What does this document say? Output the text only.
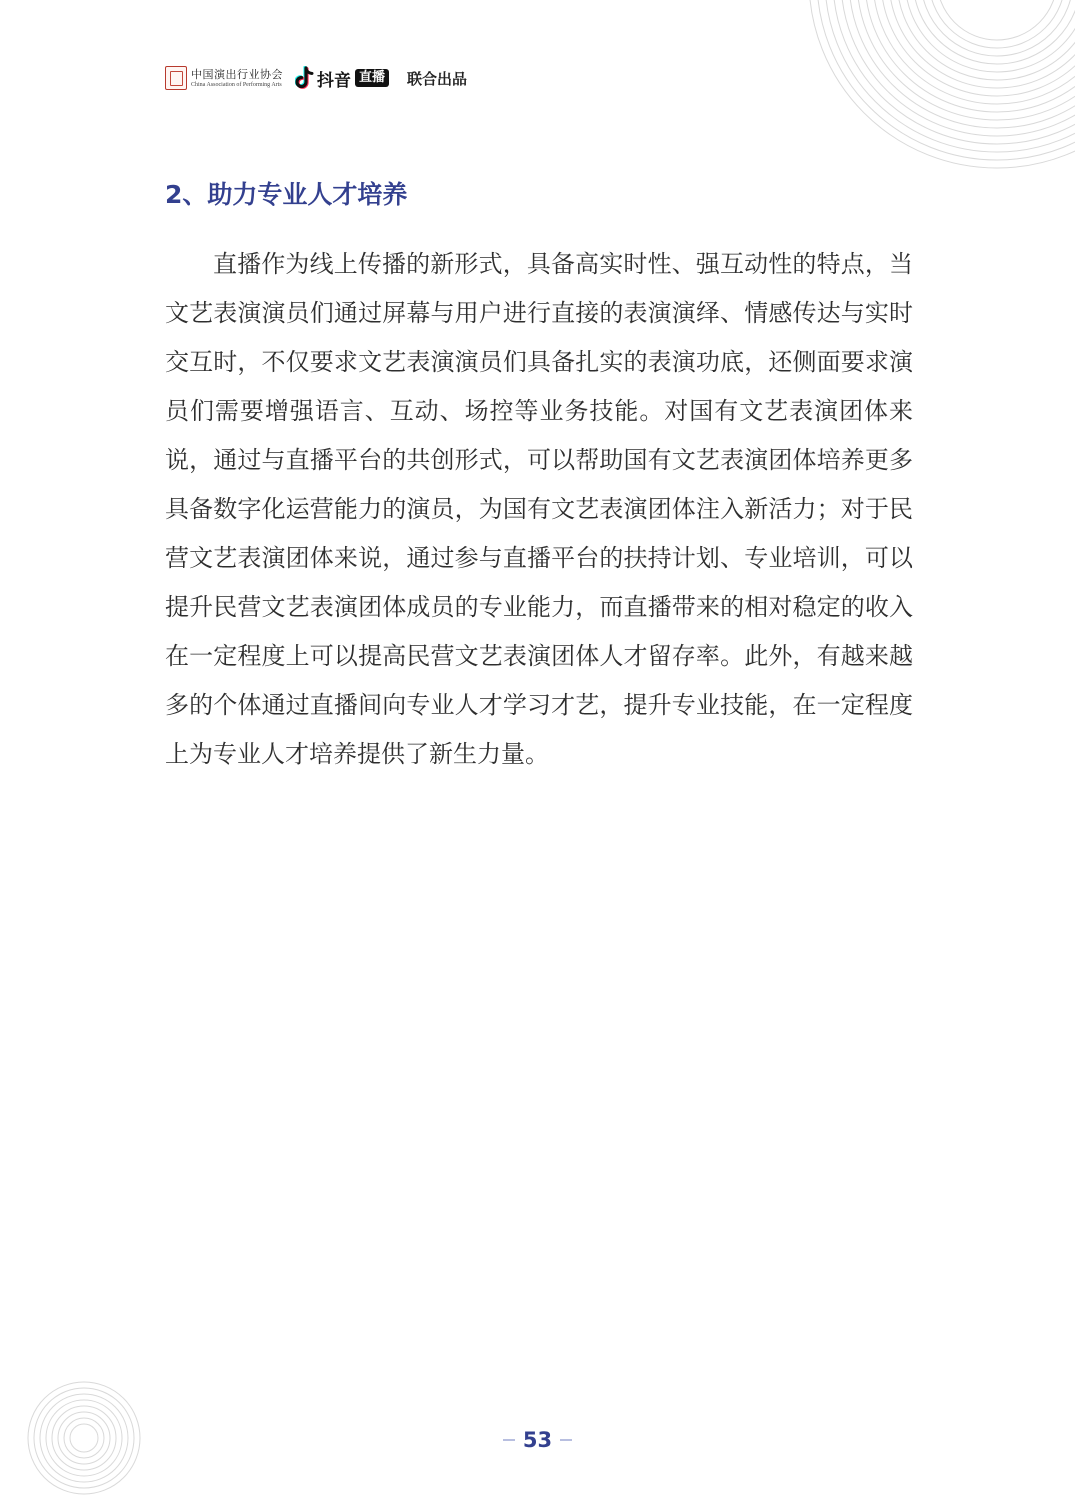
中国演出行业协会
China Association of Performing Arts 抖音 直播 联合出品
2、助力专业人才培养

直播作为线上传播的新形式，具备高实时性、强互动性的特点，当文艺表演演员们通过屏幕与用户进行直接的表演演绎、情感传达与实时交互时，不仅要求文艺表演演员们具备扎实的表演功底，还侧面要求演员们需要增强语言、互动、场控等业务技能。对国有文艺表演团体来说，通过与直播平台的共创形式，可以帮助国有文艺表演团体培养更多具备数字化运营能力的演员，为国有文艺表演团体注入新活力；对于民营文艺表演团体来说，通过参与直播平台的扶持计划、专业培训，可以提升民营文艺表演团体成员的专业能力，而直播带来的相对稳定的收入在一定程度上可以提高民营文艺表演团体人才留存率。此外，有越来越多的个体通过直播间向专业人才学习才艺，提升专业技能，在一定程度上为专业人才培养提供了新生力量。

53
